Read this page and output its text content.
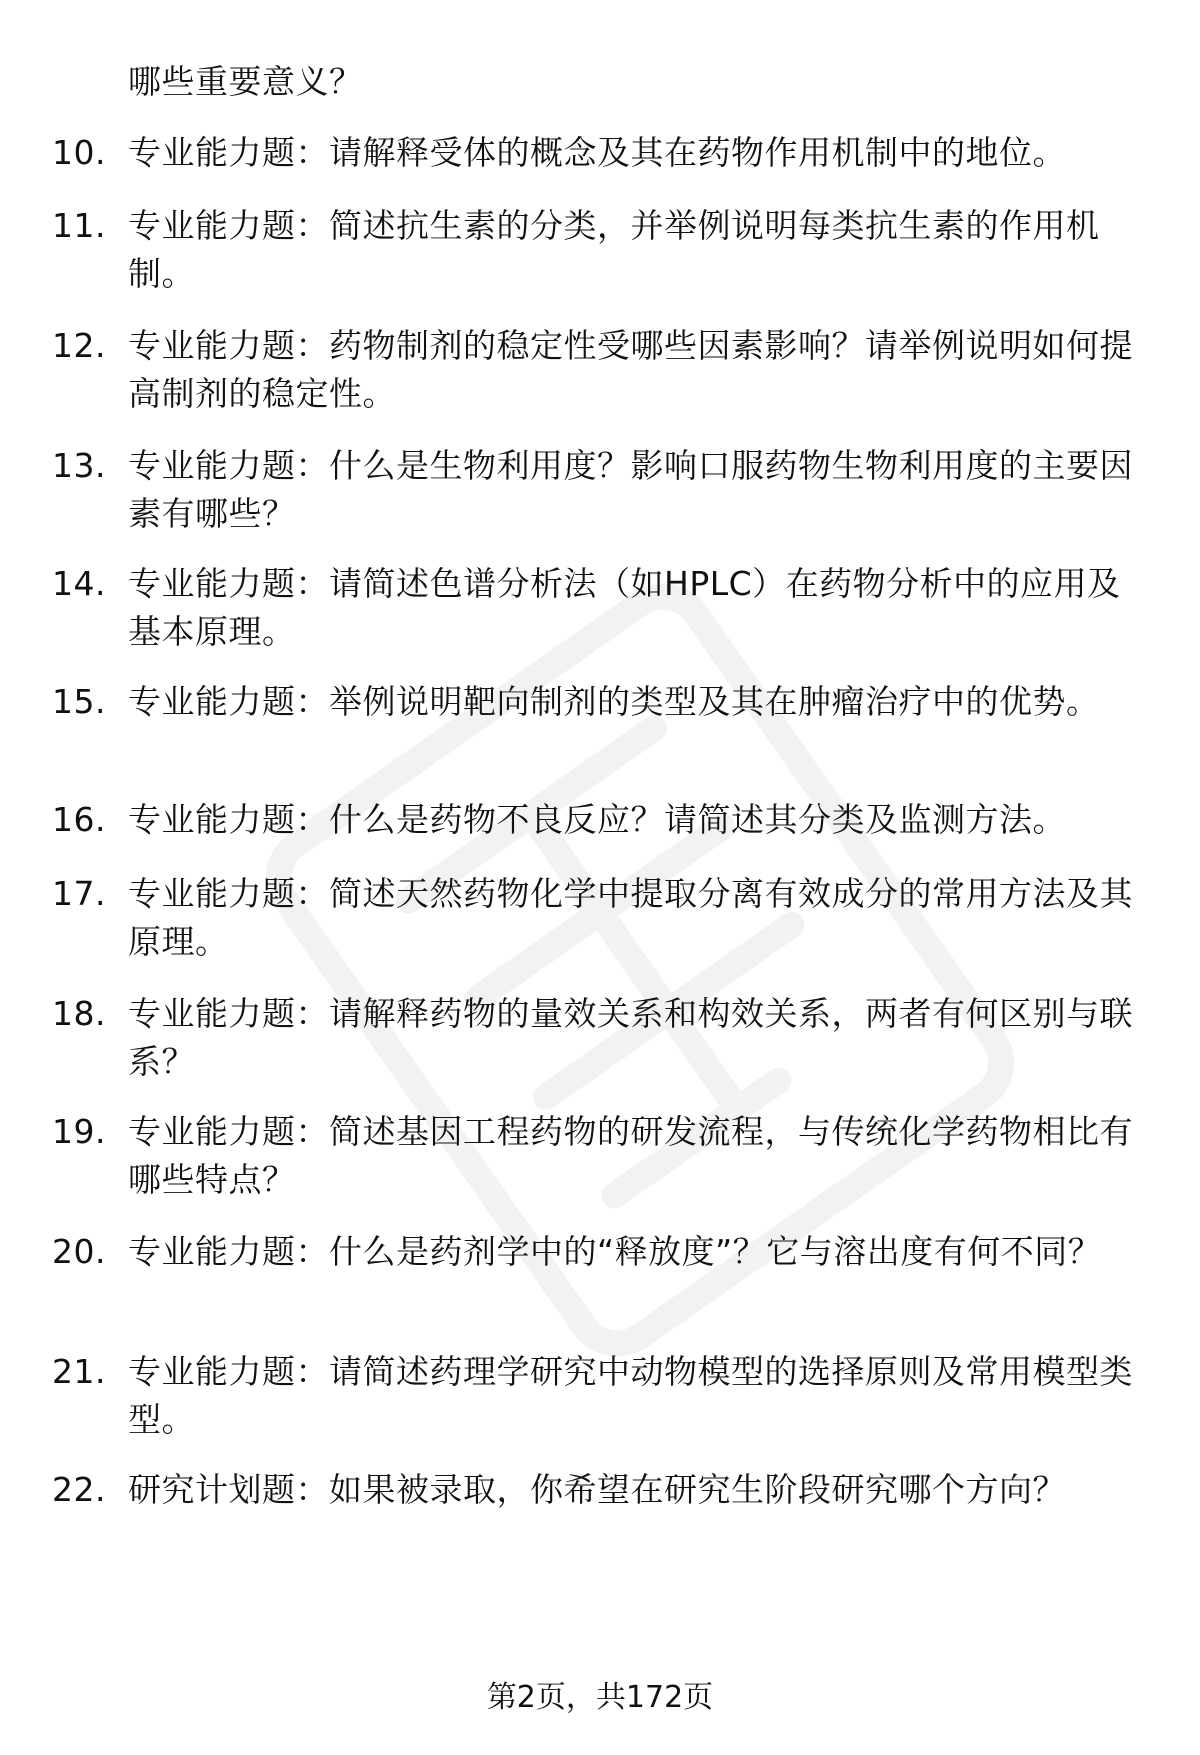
哪些重要意义？
10. 专业能力题：请解释受体的概念及其在药物作用机制中的地位。
11. 专业能力题：简述抗生素的分类，并举例说明每类抗生素的作用机制。
12. 专业能力题：药物制剂的稳定性受哪些因素影响？请举例说明如何提高制剂的稳定性。
13. 专业能力题：什么是生物利用度？影响口服药物生物利用度的主要因素有哪些？
14. 专业能力题：请简述色谱分析法（如HPLC）在药物分析中的应用及基本原理。
15. 专业能力题：举例说明靶向制剂的类型及其在肿瘤治疗中的优势。
16. 专业能力题：什么是药物不良反应？请简述其分类及监测方法。
17. 专业能力题：简述天然药物化学中提取分离有效成分的常用方法及其原理。
18. 专业能力题：请解释药物的量效关系和构效关系，两者有何区别与联系？
19. 专业能力题：简述基因工程药物的研发流程，与传统化学药物相比有哪些特点？
20. 专业能力题：什么是药剂学中的“释放度”？它与溶出度有何不同？
21. 专业能力题：请简述药理学研究中动物模型的选择原则及常用模型类型。
22. 研究计划题：如果被录取，你希望在研究生阶段研究哪个方向？
第2页，共172页
